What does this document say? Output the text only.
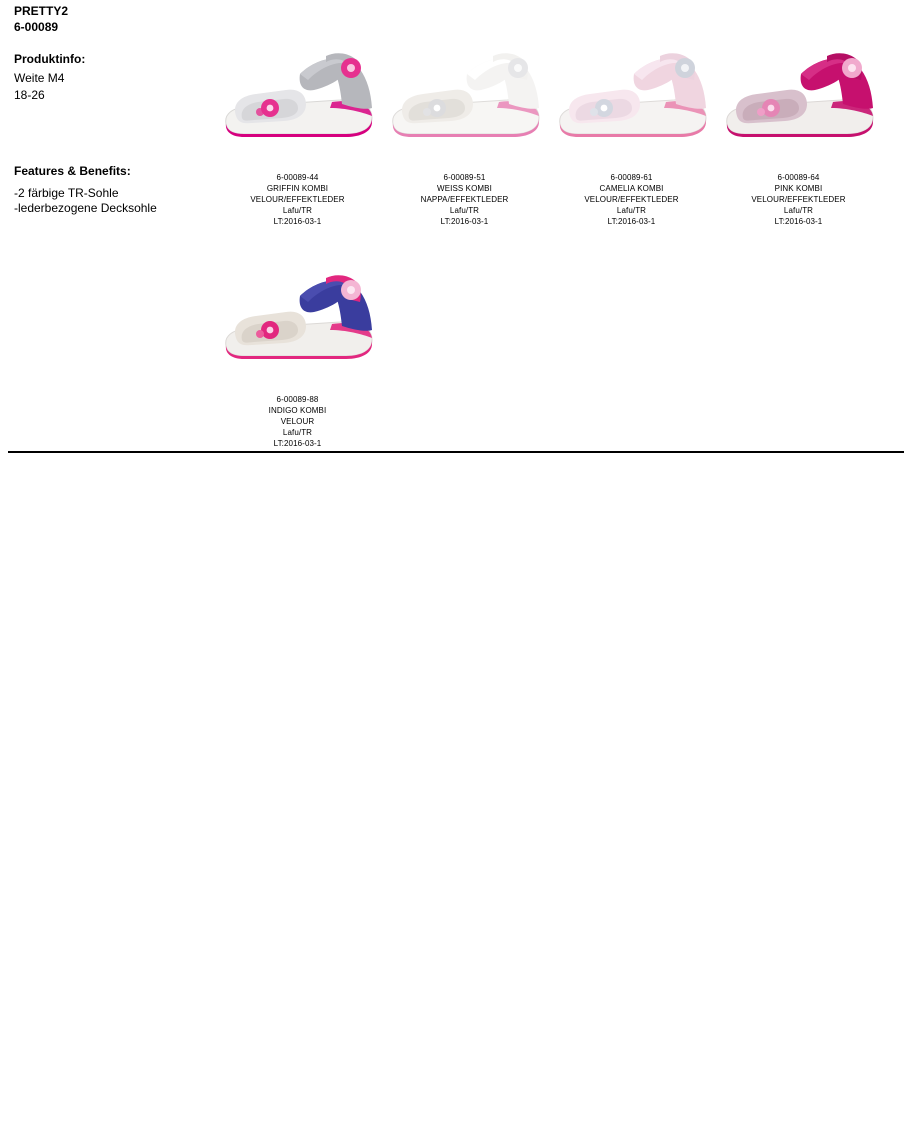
PRETTY2
6-00089
Produktinfo:
Weite M4
18-26
Features & Benefits:
-2 färbige TR-Sohle
-lederbezogene Decksohle
6-00089-44
GRIFFIN KOMBI
VELOUR/EFFEKTLEDER
Lafu/TR
LT:2016-03-1
6-00089-51
WEISS KOMBI
NAPPA/EFFEKTLEDER
Lafu/TR
LT:2016-03-1
6-00089-61
CAMELIA KOMBI
VELOUR/EFFEKTLEDER
Lafu/TR
LT:2016-03-1
6-00089-64
PINK KOMBI
VELOUR/EFFEKTLEDER
Lafu/TR
LT:2016-03-1
6-00089-88
INDIGO KOMBI
VELOUR
Lafu/TR
LT:2016-03-1
